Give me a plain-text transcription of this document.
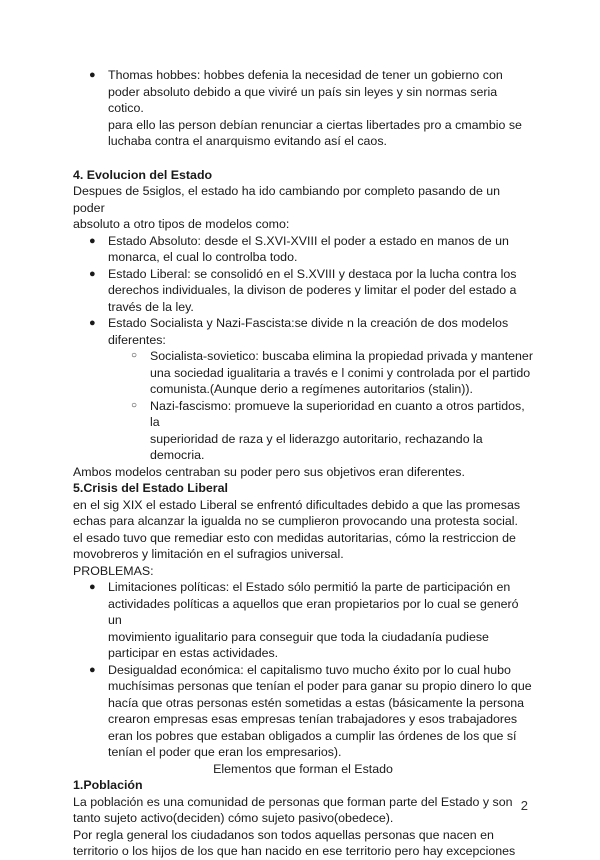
● Thomas hobbes: hobbes defenia la necesidad de tener un gobierno con
poder absoluto debido a que viviré un país sin leyes y sin normas seria cotico.
para ello las person debían renunciar a ciertas libertades pro a cmambio se
luchaba contra el anarquismo evitando así el caos.
4. Evolucion del Estado
Despues de 5siglos, el estado ha ido cambiando por completo pasando de un poder
absoluto a otro tipos de modelos como:
● Estado Absoluto: desde el S.XVI-XVIII el poder a estado en manos de un
monarca, el cual lo controlba todo.
● Estado Liberal: se consolidó en el S.XVIII y destaca por la lucha contra los
derechos individuales, la divison de poderes y limitar el poder del estado a
través de la ley.
● Estado Socialista y Nazi-Fascista:se divide n la creación de dos modelos
diferentes:
○ Socialista-sovietico: buscaba elimina la propiedad privada y mantener
una sociedad igualitaria a través e l conimi y controlada por el partido
comunista.(Aunque derio a regímenes autoritarios (stalin)).
○ Nazi-fascismo: promueve la superioridad en cuanto a otros partidos, la
superioridad de raza y el liderazgo autoritario, rechazando la democria.
Ambos modelos centraban su poder pero sus objetivos eran diferentes.
5.Crisis del Estado Liberal
en el sig XIX el estado Liberal se enfrentó dificultades debido a que las promesas
echas para alcanzar la igualda no se cumplieron provocando una protesta social.
el esado tuvo que remediar esto con medidas autoritarias, cómo la restriccion de
movobreros y limitación en el sufragios universal.
PROBLEMAS:
● Limitaciones políticas: el Estado sólo permitió la parte de participación en
actividades políticas a aquellos que eran propietarios por lo cual se generó un
movimiento igualitario para conseguir que toda la ciudadanía pudiese
participar en estas actividades.
● Desigualdad económica: el capitalismo tuvo mucho éxito por lo cual hubo
muchísimas personas que tenían el poder para ganar su propio dinero lo que
hacía que otras personas estén sometidas a estas (básicamente la persona
crearon empresas esas empresas tenían trabajadores y esos trabajadores
eran los pobres que estaban obligados a cumplir las órdenes de los que sí
tenían el poder que eran los empresarios).
Elementos que forman el Estado
1.Población
La población es una comunidad de personas que forman parte del Estado y son
tanto sujeto activo(deciden) cómo sujeto pasivo(obedece).
Por regla general los ciudadanos son todos aquellas personas que nacen en
territorio o los hijos de los que han nacido en ese territorio pero hay excepciones
2
